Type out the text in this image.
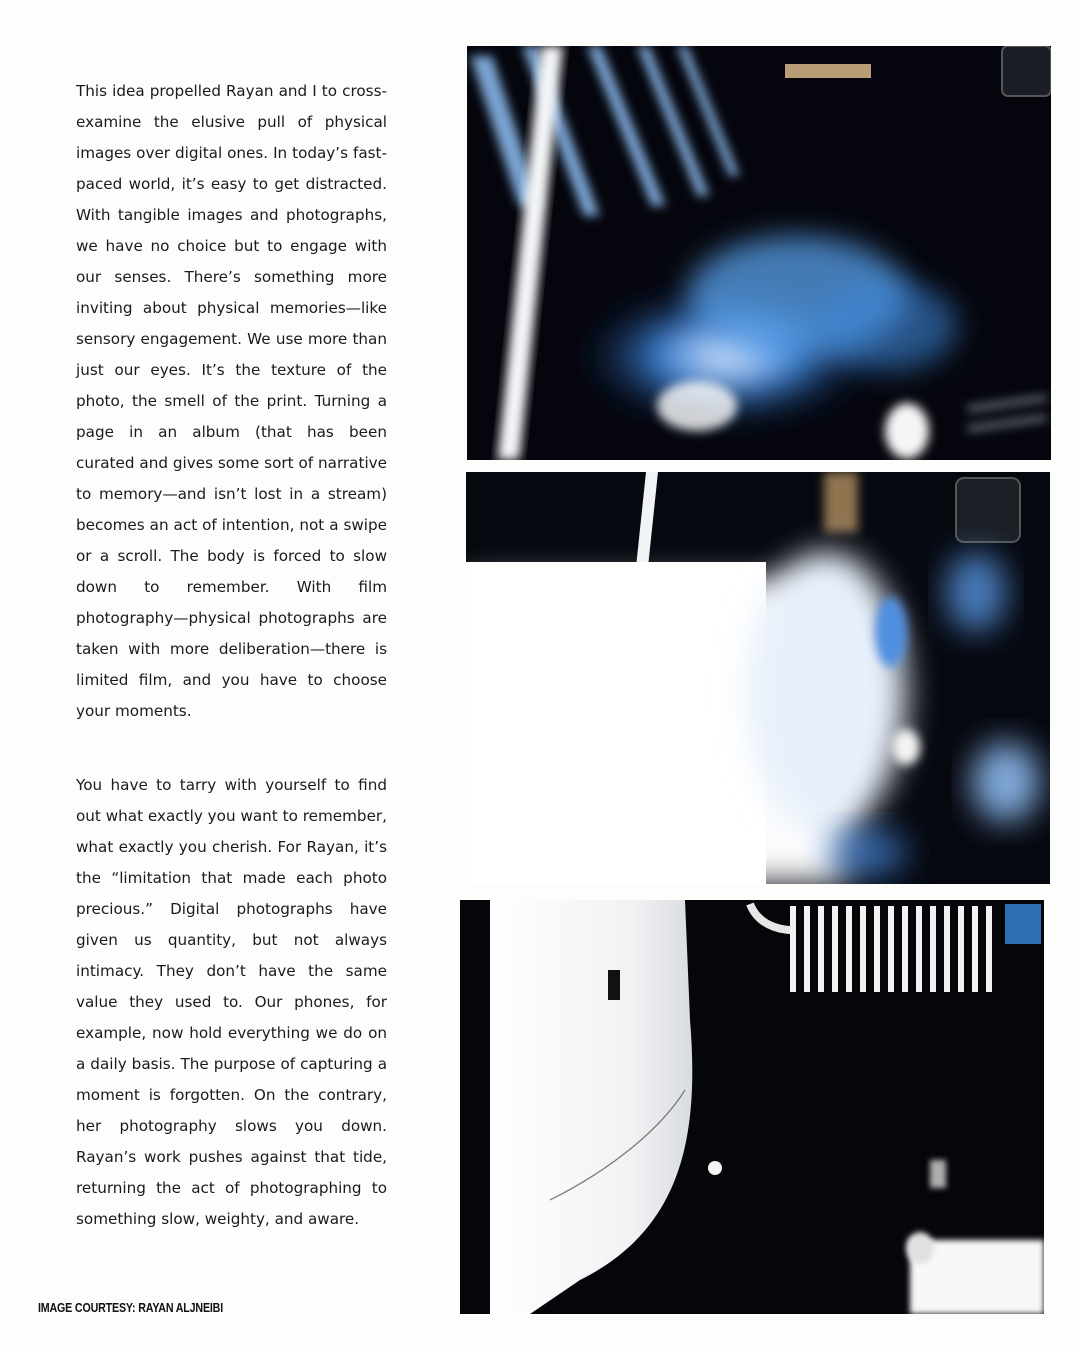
This idea propelled Rayan and I to cross-examine the elusive pull of physical images over digital ones. In today’s fast-paced world, it’s easy to get distracted. With tangible images and photographs, we have no choice but to engage with our senses. There’s something more inviting about physical memories—like sensory engagement. We use more than just our eyes. It’s the texture of the photo, the smell of the print. Turning a page in an album (that has been curated and gives some sort of narrative to memory—and isn’t lost in a stream) becomes an act of intention, not a swipe or a scroll. The body is forced to slow down to remember. With film photography—physical photographs are taken with more deliberation—there is limited film, and you have to choose your moments.

You have to tarry with yourself to find out what exactly you want to remember, what exactly you cherish. For Rayan, it’s the “limitation that made each photo precious.” Digital photographs have given us quantity, but not always intimacy. They don’t have the same value they used to. Our phones, for example, now hold everything we do on a daily basis. The purpose of capturing a moment is forgotten. On the contrary, her photography slows you down. Rayan’s work pushes against that tide, returning the act of photographing to something slow, weighty, and aware.

IMAGE COURTESY: RAYAN ALJNEIBI
